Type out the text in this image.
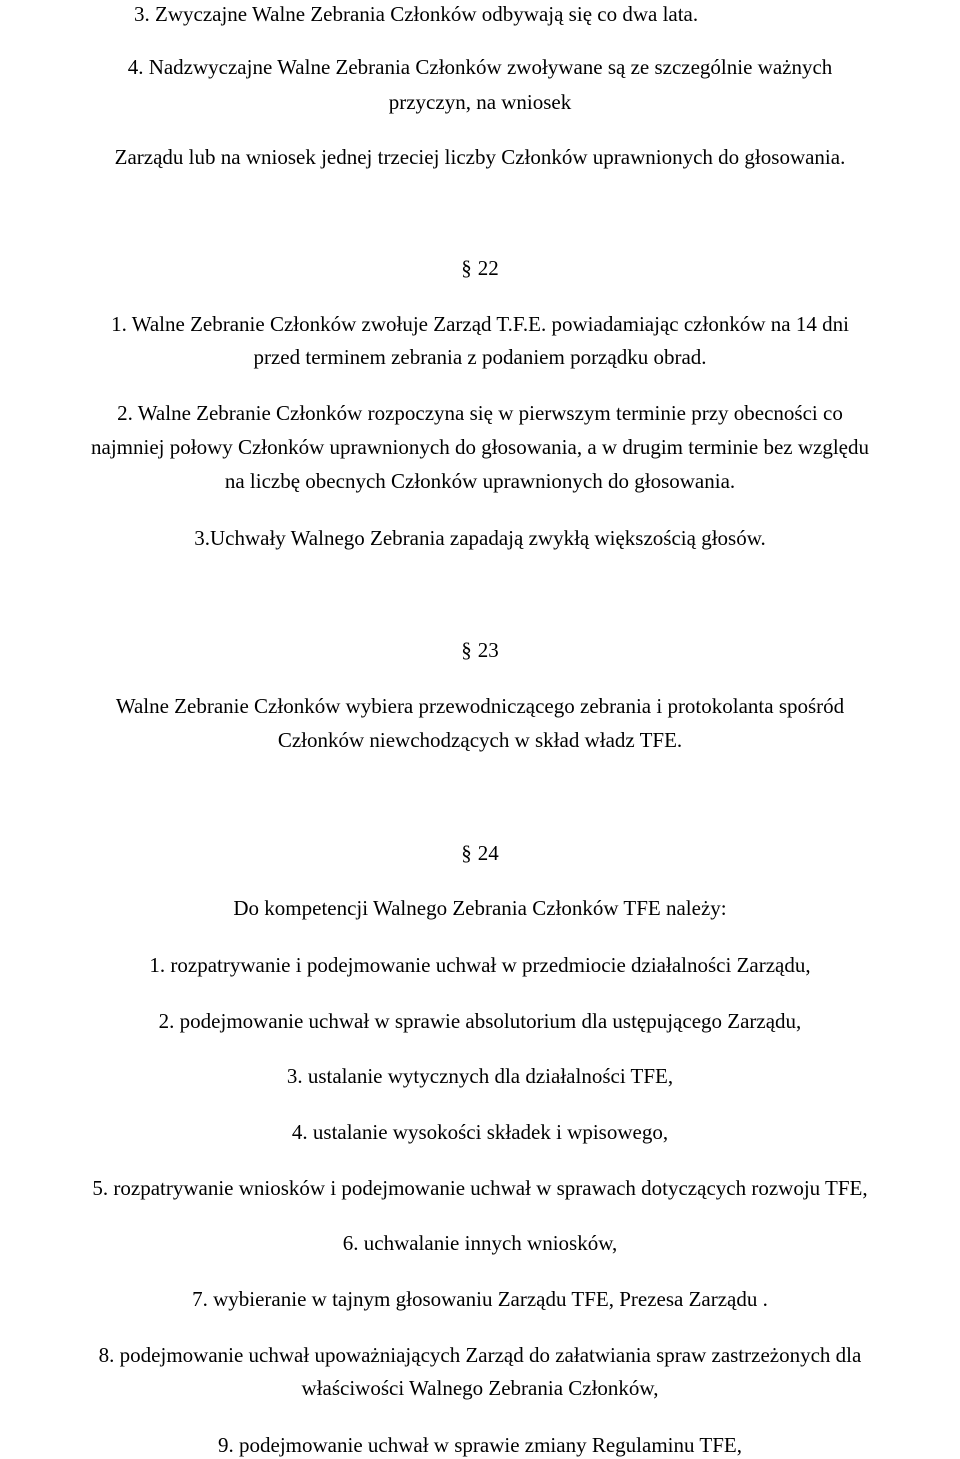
3. Zwyczajne Walne Zebrania Członków odbywają się co dwa lata.
4. Nadzwyczajne Walne Zebrania Członków zwoływane są ze szczególnie ważnych
przyczyn, na wniosek
Zarządu lub na wniosek jednej trzeciej liczby Członków uprawnionych do głosowania.
§ 22
1. Walne Zebranie Członków zwołuje Zarząd T.F.E. powiadamiając członków na 14 dni
przed terminem zebrania z podaniem porządku obrad.
2. Walne Zebranie Członków rozpoczyna się w pierwszym terminie przy obecności co
najmniej połowy Członków uprawnionych do głosowania, a w drugim terminie bez względu
na liczbę obecnych Członków uprawnionych do głosowania.
3.Uchwały Walnego Zebrania zapadają zwykłą większością głosów.
§ 23
Walne Zebranie Członków wybiera przewodniczącego zebrania i protokolanta spośród
Członków niewchodzących w skład władz TFE.
§ 24
Do kompetencji Walnego Zebrania Członków TFE należy:
1. rozpatrywanie i podejmowanie uchwał w przedmiocie działalności Zarządu,
2. podejmowanie uchwał w sprawie absolutorium dla ustępującego Zarządu,
3. ustalanie wytycznych dla działalności TFE,
4. ustalanie wysokości składek i wpisowego,
5. rozpatrywanie wniosków i podejmowanie uchwał w sprawach dotyczących rozwoju TFE,
6. uchwalanie innych wniosków,
7. wybieranie w tajnym głosowaniu Zarządu TFE, Prezesa Zarządu .
8. podejmowanie uchwał upoważniających Zarząd do załatwiania spraw zastrzeżonych dla
właściwości Walnego Zebrania Członków,
9. podejmowanie uchwał w sprawie zmiany Regulaminu TFE,
